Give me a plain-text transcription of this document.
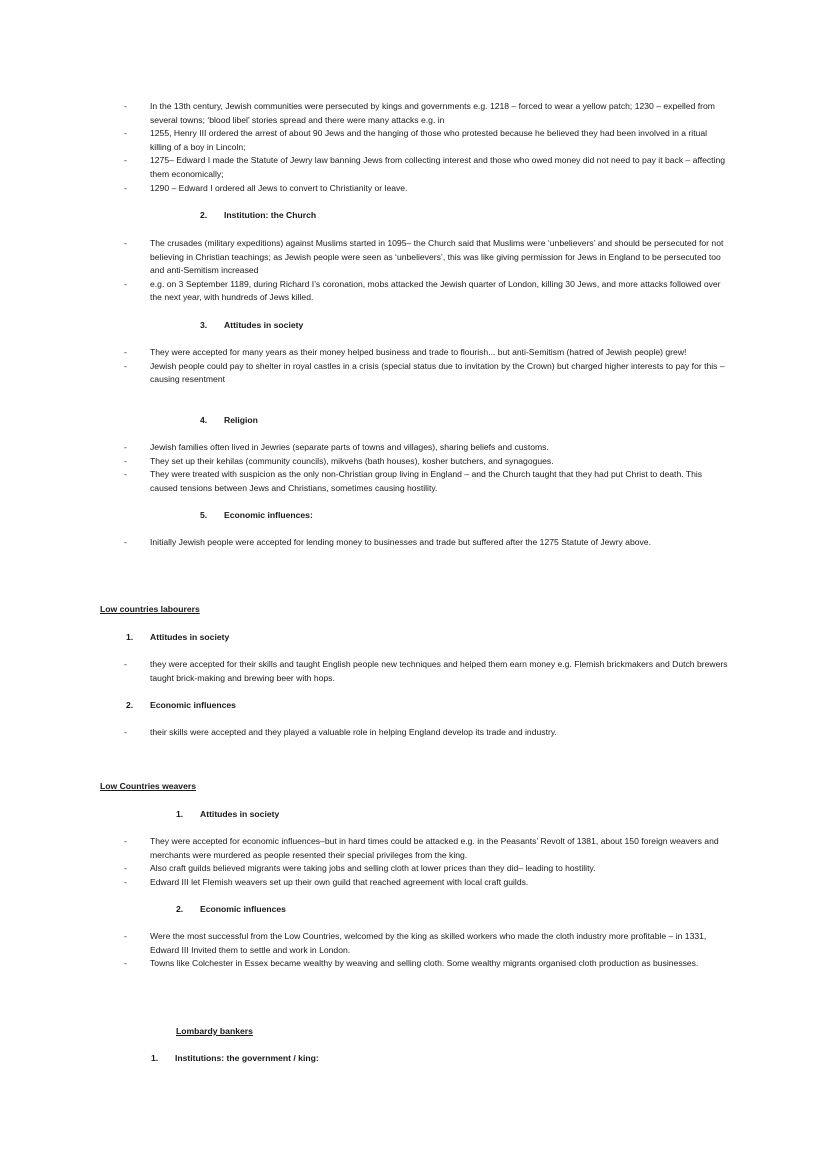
- In the 13th century, Jewish communities were persecuted by kings and governments e.g. 1218 – forced to wear a yellow patch; 1230 – expelled from several towns; ‘blood libel’ stories spread and there were many attacks e.g. in
- 1255, Henry III ordered the arrest of about 90 Jews and the hanging of those who protested because he believed they had been involved in a ritual killing of a boy in Lincoln;
- 1275– Edward I made the Statute of Jewry law banning Jews from collecting interest and those who owed money did not need to pay it back – affecting them economically;
- 1290 – Edward I ordered all Jews to convert to Christianity or leave.
2. Institution: the Church
- The crusades (military expeditions) against Muslims started in 1095– the Church said that Muslims were ‘unbelievers’ and should be persecuted for not believing in Christian teachings; as Jewish people were seen as ‘unbelievers’, this was like giving permission for Jews in England to be persecuted too and anti-Semitism increased
- e.g. on 3 September 1189, during Richard I’s coronation, mobs attacked the Jewish quarter of London, killing 30 Jews, and more attacks followed over the next year, with hundreds of Jews killed.
3. Attitudes in society
- They were accepted for many years as their money helped business and trade to flourish... but anti-Semitism (hatred of Jewish people) grew!
- Jewish people could pay to shelter in royal castles in a crisis (special status due to invitation by the Crown) but charged higher interests to pay for this –causing resentment
4. Religion
- Jewish families often lived in Jewries (separate parts of towns and villages), sharing beliefs and customs.
- They set up their kehilas (community councils), mikvehs (bath houses), kosher butchers, and synagogues.
- They were treated with suspicion as the only non-Christian group living in England – and the Church taught that they had put Christ to death. This caused tensions between Jews and Christians, sometimes causing hostility.
5. Economic influences:
- Initially Jewish people were accepted for lending money to businesses and trade but suffered after the 1275 Statute of Jewry above.
Low countries labourers
1. Attitudes in society
- they were accepted for their skills and taught English people new techniques and helped them earn money e.g. Flemish brickmakers and Dutch brewers taught brick-making and brewing beer with hops.
2. Economic influences
- their skills were accepted and they played a valuable role in helping England develop its trade and industry.
Low Countries weavers
1. Attitudes in society
- They were accepted for economic influences–but in hard times could be attacked e.g. in the Peasants’ Revolt of 1381, about 150 foreign weavers and merchants were murdered as people resented their special privileges from the king.
- Also craft guilds believed migrants were taking jobs and selling cloth at lower prices than they did– leading to hostility.
- Edward III let Flemish weavers set up their own guild that reached agreement with local craft guilds.
2. Economic influences
- Were the most successful from the Low Countries, welcomed by the king as skilled workers who made the cloth industry more profitable – in 1331, Edward III Invited them to settle and work in London.
- Towns like Colchester in Essex became wealthy by weaving and selling cloth. Some wealthy migrants organised cloth production as businesses.
Lombardy bankers
1. Institutions: the government / king:
